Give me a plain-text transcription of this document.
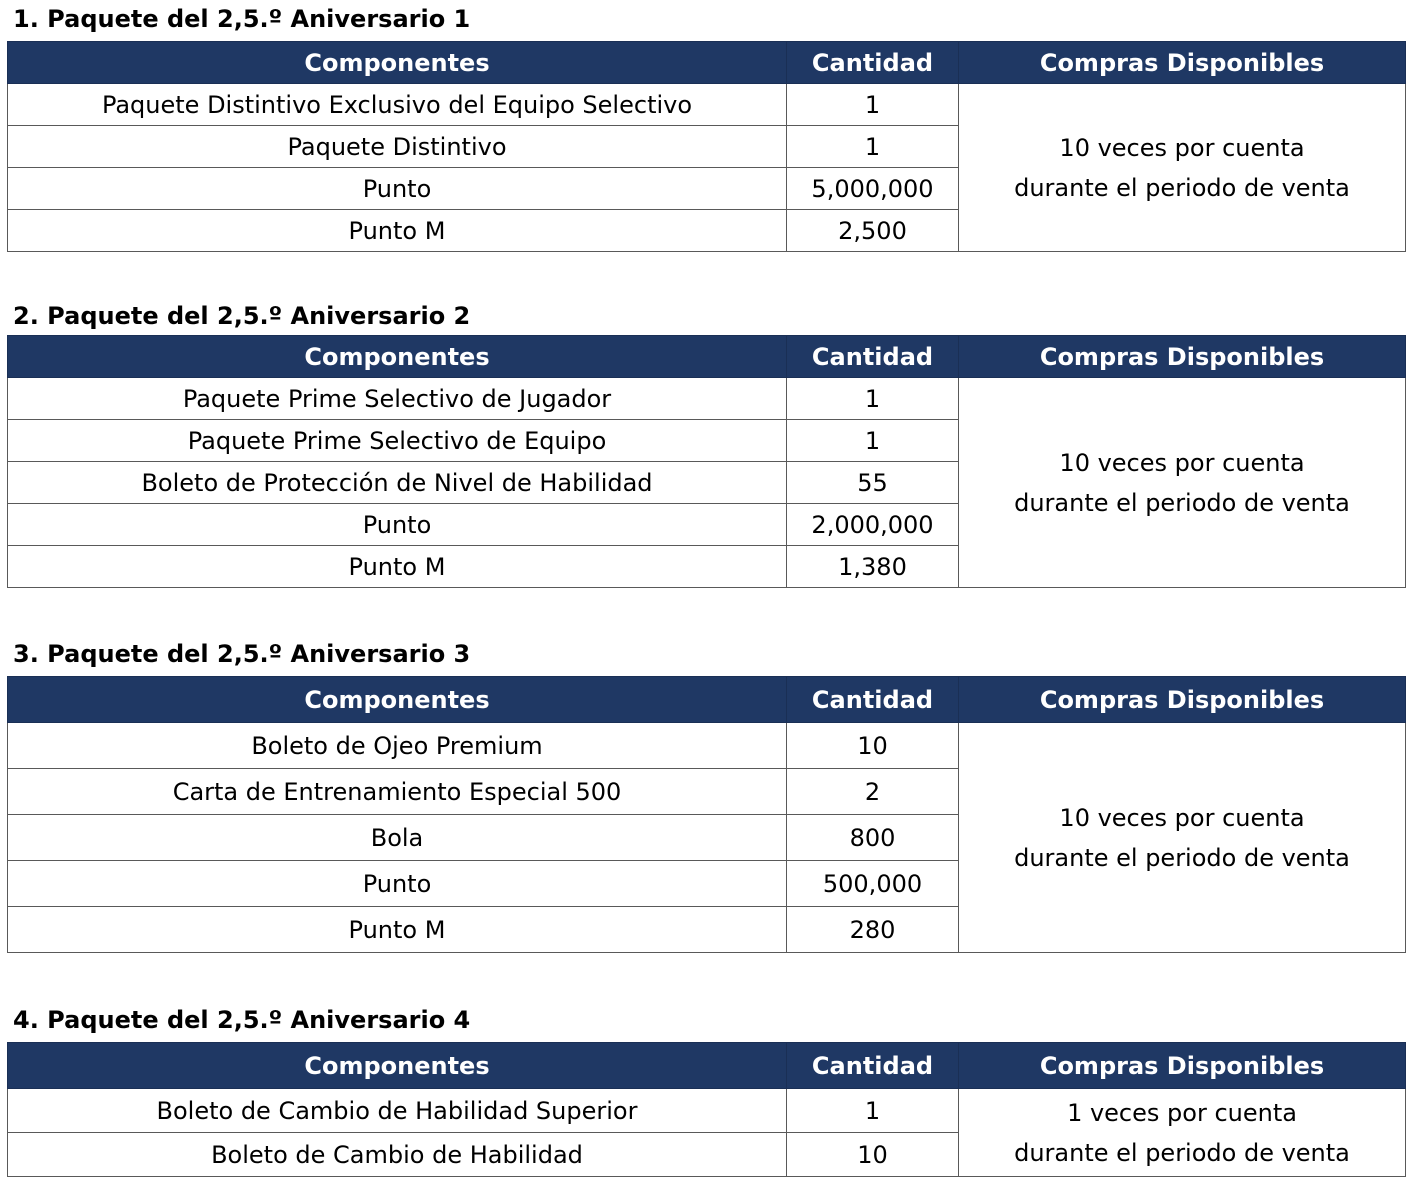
1. Paquete del 2,5.º Aniversario 1
Componentes	Cantidad	Compras Disponibles
Paquete Distintivo Exclusivo del Equipo Selectivo	1	10 veces por cuenta
durante el periodo de venta

Paquete Distintivo	1	
Punto	5,000,000	
Punto M	2,500	
2. Paquete del 2,5.º Aniversario 2
Componentes	Cantidad	Compras Disponibles
Paquete Prime Selectivo de Jugador	1	10 veces por cuenta
durante el periodo de venta

Paquete Prime Selectivo de Equipo	1	
Boleto de Protección de Nivel de Habilidad	55	
Punto	2,000,000	
Punto M	1,380	
3. Paquete del 2,5.º Aniversario 3
Componentes	Cantidad	Compras Disponibles
Boleto de Ojeo Premium	10	10 veces por cuenta
durante el periodo de venta

Carta de Entrenamiento Especial 500	2	
Bola	800	
Punto	500,000	
Punto M	280	
4. Paquete del 2,5.º Aniversario 4
Componentes	Cantidad	Compras Disponibles
Boleto de Cambio de Habilidad Superior	1	1 veces por cuenta
durante el periodo de venta

Boleto de Cambio de Habilidad	10	
